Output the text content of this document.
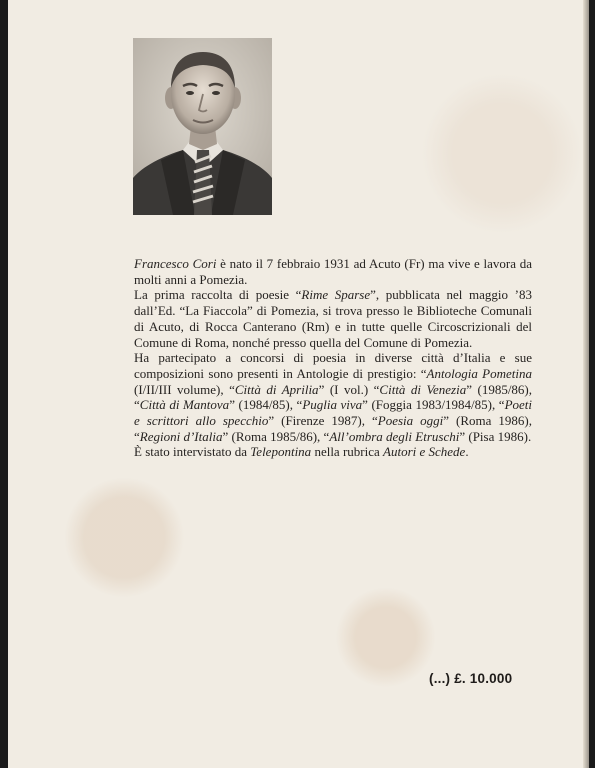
Francesco Cori è nato il 7 febbraio 1931 ad Acuto (Fr) ma vive e lavora da molti anni a Pomezia.

La prima raccolta di poesie “Rime Sparse”, pubblicata nel maggio ’83 dall’Ed. “La Fiaccola” di Pomezia, si trova presso le Biblioteche Comunali di Acuto, di Rocca Canterano (Rm) e in tutte quelle Circoscrizionali del Comune di Roma, nonché presso quella del Comune di Pomezia.

Ha partecipato a concorsi di poesia in diverse città d’Italia e sue composizioni sono presenti in Antologie di prestigio: “Antologia Pometina (I/II/III volume), “Città di Aprilia” (I vol.) “Città di Venezia” (1985/86), “Città di Mantova” (1984/85), “Puglia viva” (Foggia 1983/1984/85), “Poeti e scrittori allo specchio” (Firenze 1987), “Poesia oggi” (Roma 1986), “Regioni d’Italia” (Roma 1985/86), “All’ombra degli Etruschi” (Pisa 1986).

È stato intervistato da Telepontina nella rubrica Autori e Schede.

(...) £. 10.000
